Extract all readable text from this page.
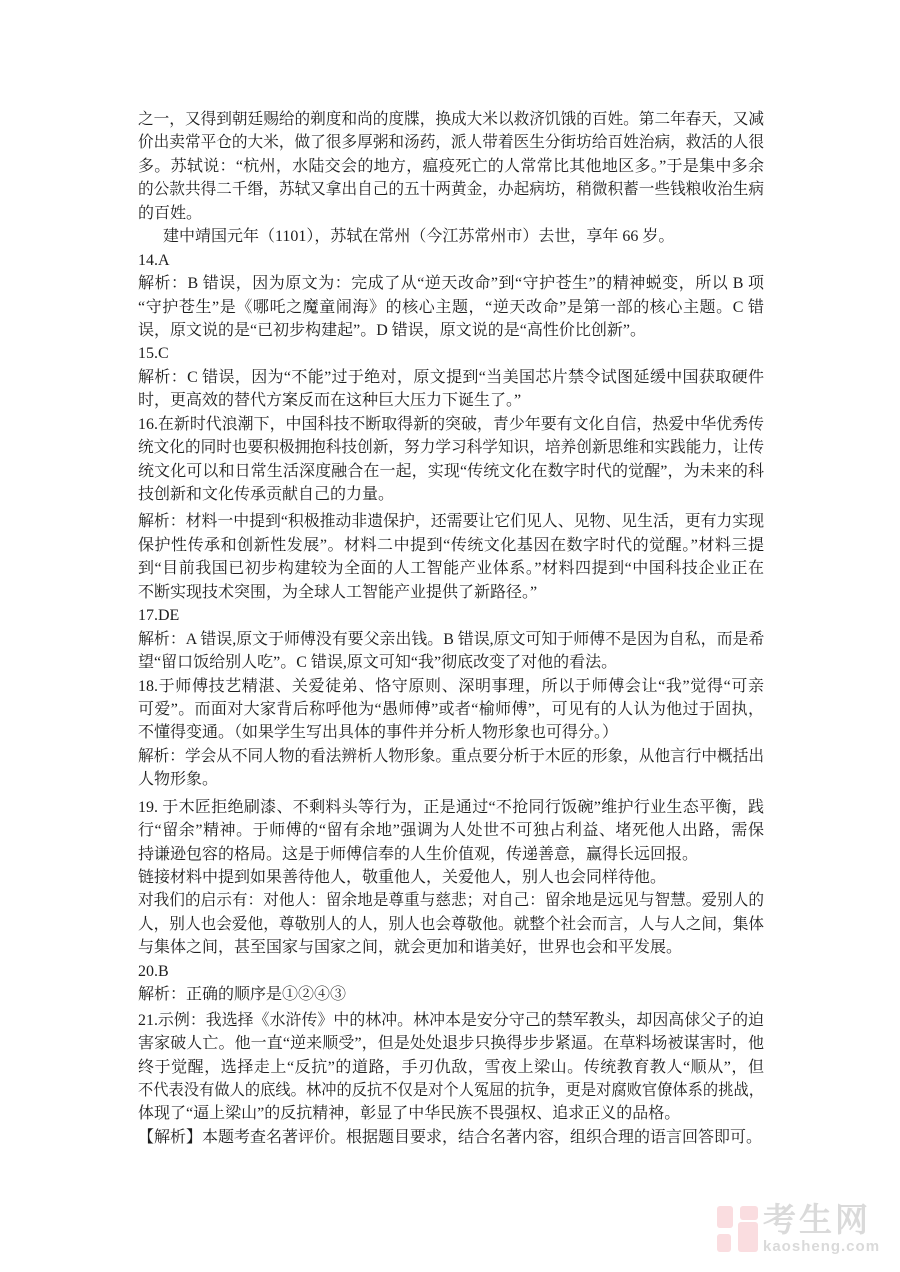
之一，又得到朝廷赐给的剃度和尚的度牒，换成大米以救济饥饿的百姓。第二年春天，又减
价出卖常平仓的大米，做了很多厚粥和汤药，派人带着医生分街坊给百姓治病，救活的人很
多。苏轼说：“杭州，水陆交会的地方，瘟疫死亡的人常常比其他地区多。”于是集中多余
的公款共得二千缗，苏轼又拿出自己的五十两黄金，办起病坊，稍微积蓄一些钱粮收治生病
的百姓。
建中靖国元年（1101），苏轼在常州（今江苏常州市）去世，享年 66 岁。
14.A
解析：B 错误，因为原文为：完成了从“逆天改命”到“守护苍生”的精神蜕变，所以 B 项
“守护苍生”是《哪吒之魔童闹海》的核心主题，“逆天改命”是第一部的核心主题。C 错
误，原文说的是“已初步构建起”。D 错误，原文说的是“高性价比创新”。
15.C
解析：C 错误，因为“不能”过于绝对，原文提到“当美国芯片禁令试图延缓中国获取硬件
时，更高效的替代方案反而在这种巨大压力下诞生了。”
16.在新时代浪潮下，中国科技不断取得新的突破，青少年要有文化自信，热爱中华优秀传
统文化的同时也要积极拥抱科技创新，努力学习科学知识，培养创新思维和实践能力，让传
统文化可以和日常生活深度融合在一起，实现“传统文化在数字时代的觉醒”，为未来的科
技创新和文化传承贡献自己的力量。
解析：材料一中提到“积极推动非遗保护，还需要让它们见人、见物、见生活，更有力实现
保护性传承和创新性发展”。材料二中提到“传统文化基因在数字时代的觉醒。”材料三提
到“目前我国已初步构建较为全面的人工智能产业体系。”材料四提到“中国科技企业正在
不断实现技术突围，为全球人工智能产业提供了新路径。”
17.DE
解析：A 错误,原文于师傅没有要父亲出钱。B 错误,原文可知于师傅不是因为自私，而是希
望“留口饭给别人吃”。C 错误,原文可知“我”彻底改变了对他的看法。
18.于师傅技艺精湛、关爱徒弟、恪守原则、深明事理，所以于师傅会让“我”觉得“可亲
可爱”。而面对大家背后称呼他为“愚师傅”或者“榆师傅”，可见有的人认为他过于固执，
不懂得变通。（如果学生写出具体的事件并分析人物形象也可得分。）
解析：学会从不同人物的看法辨析人物形象。重点要分析于木匠的形象，从他言行中概括出
人物形象。
19. 于木匠拒绝刷漆、不剩料头等行为，正是通过“不抢同行饭碗”维护行业生态平衡，践
行“留余”精神。于师傅的“留有余地”强调为人处世不可独占利益、堵死他人出路，需保
持谦逊包容的格局。这是于师傅信奉的人生价值观，传递善意，赢得长远回报。
链接材料中提到如果善待他人，敬重他人，关爱他人，别人也会同样待他。
对我们的启示有：对他人：留余地是尊重与慈悲；对自己：留余地是远见与智慧。爱别人的
人，别人也会爱他，尊敬别人的人，别人也会尊敬他。就整个社会而言，人与人之间，集体
与集体之间，甚至国家与国家之间，就会更加和谐美好，世界也会和平发展。
20.B
解析：正确的顺序是①②④③
21.示例：我选择《水浒传》中的林冲。林冲本是安分守己的禁军教头，却因高俅父子的迫
害家破人亡。他一直“逆来顺受”，但是处处退步只换得步步紧逼。在草料场被谋害时，他
终于觉醒，选择走上“反抗”的道路，手刃仇敌，雪夜上梁山。传统教育教人“顺从”，但
不代表没有做人的底线。林冲的反抗不仅是对个人冤屈的抗争，更是对腐败官僚体系的挑战，
体现了“逼上梁山”的反抗精神，彰显了中华民族不畏强权、追求正义的品格。
【解析】本题考查名著评价。根据题目要求，结合名著内容，组织合理的语言回答即可。
考生网
kaosheng.com
